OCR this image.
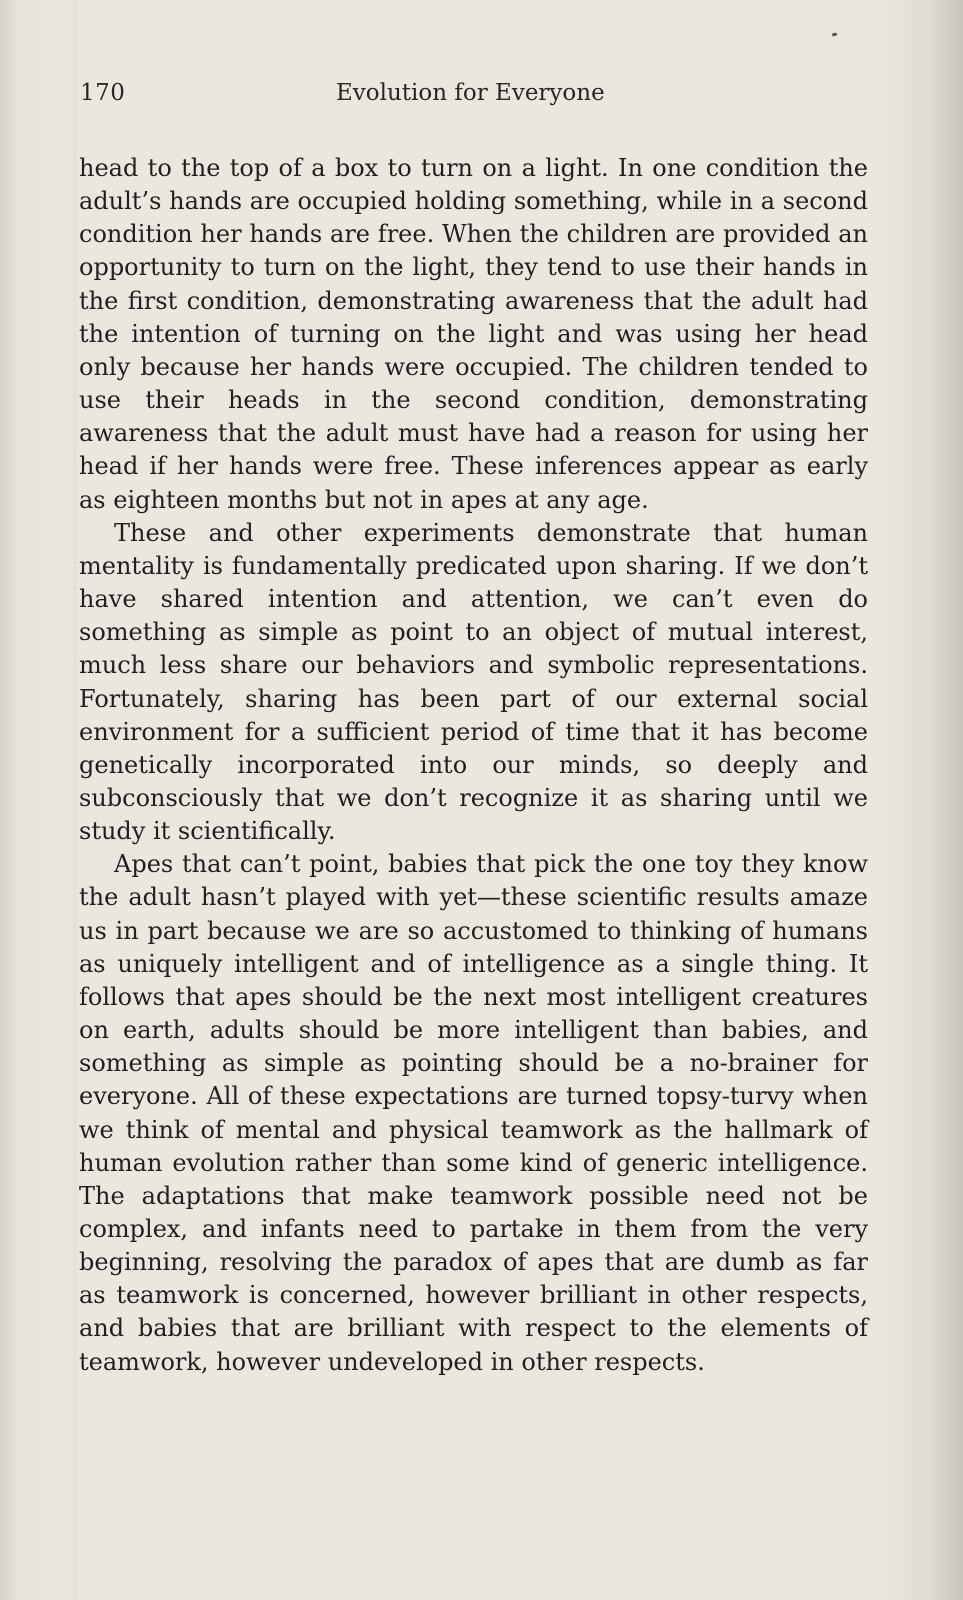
170	Evolution for Everyone

head to the top of a box to turn on a light. In one condition the adult’s hands are occupied holding something, while in a second condition her hands are free. When the children are provided an opportunity to turn on the light, they tend to use their hands in the first condition, demonstrating awareness that the adult had the intention of turning on the light and was using her head only because her hands were occupied. The children tended to use their heads in the second condition, demonstrating awareness that the adult must have had a reason for using her head if her hands were free. These inferences appear as early as eighteen months but not in apes at any age.

These and other experiments demonstrate that human mentality is fundamentally predicated upon sharing. If we don’t have shared intention and attention, we can’t even do something as simple as point to an object of mutual interest, much less share our behaviors and symbolic representations. Fortunately, sharing has been part of our external social environment for a sufficient period of time that it has become genetically incorporated into our minds, so deeply and subconsciously that we don’t recognize it as sharing until we study it scientifically.

Apes that can’t point, babies that pick the one toy they know the adult hasn’t played with yet—these scientific results amaze us in part because we are so accustomed to thinking of humans as uniquely intelligent and of intelligence as a single thing. It follows that apes should be the next most intelligent creatures on earth, adults should be more intelligent than babies, and something as simple as pointing should be a no-brainer for everyone. All of these expectations are turned topsy-turvy when we think of mental and physical teamwork as the hallmark of human evolution rather than some kind of generic intelligence. The adaptations that make teamwork possible need not be complex, and infants need to partake in them from the very beginning, resolving the paradox of apes that are dumb as far as teamwork is concerned, however brilliant in other respects, and babies that are brilliant with respect to the elements of teamwork, however undeveloped in other respects.
